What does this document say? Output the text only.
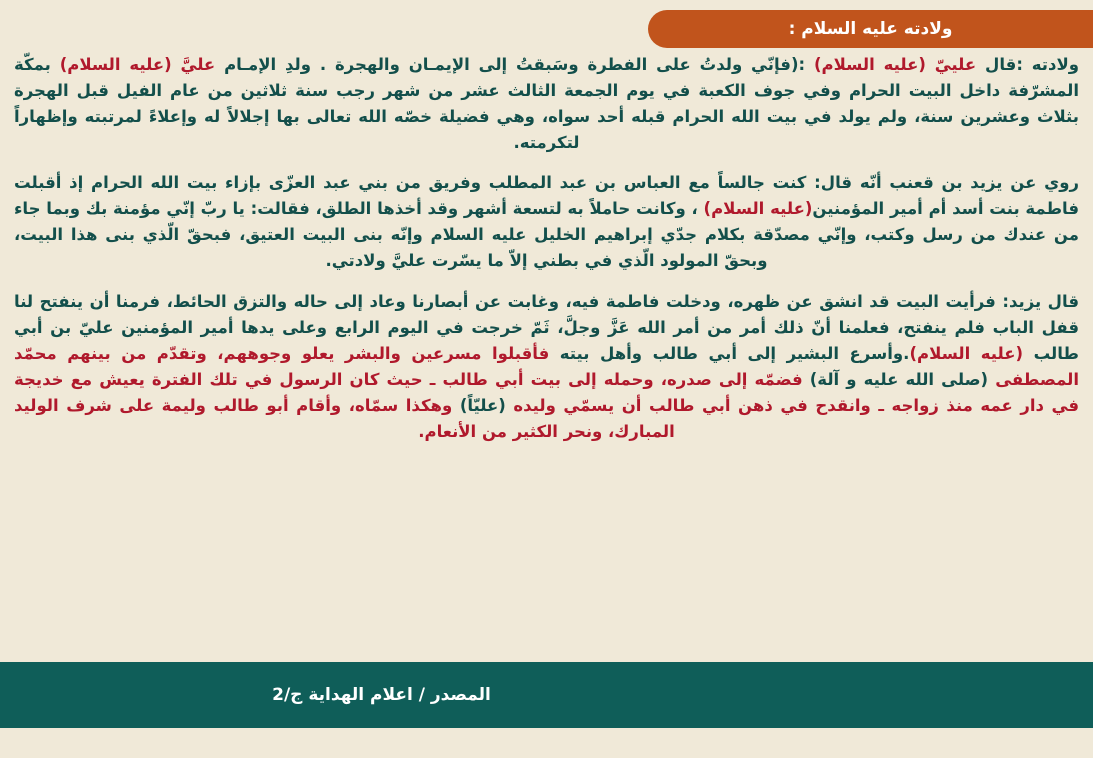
ولادته عليه السلام :

ولادته :قال علييّ (عليه السلام) :(فإنّي ولدتُ على الفطرة وسَبقتُ إلى الإيمـان والهجرة . ولدِ الإمـام عليَّ (عليه السلام) بمكّة المشرّفة داخل البيت الحرام وفي جوف الكعبة في يوم الجمعة الثالث عشر من شهر رجب سنة ثلاثين من عام الفيل قبل الهجرة بثلاث وعشرين سنة، ولم يولد في بيت الله الحرام قبله أحد سواه، وهي فضيلة خصّه الله تعالى بها إجلالاً له وإعلاءً لمرتبته وإظهاراً لتكرمته.

روي عن يزيد بن قعنب أنّه قال: كنت جالساً مع العباس بن عبد المطلب وفريق من بني عبد العزّى بإزاء بيت الله الحرام إذ أقبلت فاطمة بنت أسد أم أمير المؤمنين(عليه السلام) ، وكانت حاملاً به لتسعة أشهر وقد أخذها الطلق، فقالت: يا ربّ إنّي مؤمنة بك وبما جاء من عندك من رسل وكتب، وإنّي مصدّقة بكلام جدّي إبراهيم الخليل عليه السلام وإنّه بنى البيت العتيق، فبحقّ الّذي بنى هذا البيت، وبحقّ المولود الّذي في بطني إلاّ ما يسّرت عليَّ ولادتي.

قال يزيد: فرأيت البيت قد انشق عن ظهره، ودخلت فاطمة فيه، وغابت عن أبصارنا وعاد إلى حاله والتزق الحائط، فرمنا أن ينفتح لنا قفل الباب فلم ينفتح، فعلمنا أنّ ذلك أمر من أمر الله عَزَّ وجلَّ، ثَمّ خرجت في اليوم الرابع وعلى يدها أمير المؤمنين عليّ بن أبي طالب (عليه السلام).وأسرع البشير إلى أبي طالب وأهل بيته فأقبلوا مسرعين والبشر يعلو وجوههم، وتقدّم من بينهم محمّد المصطفى (صلى الله عليه و آلة) فضمّه إلى صدره، وحمله إلى بيت أبي طالب ـ حيث كان الرسول في تلك الفترة يعيش مع خديجة في دار عمه منذ زواجه ـ وانقدح في ذهن أبي طالب أن يسمّي وليده (عليّاً) وهكذا سمّاه، وأقام أبو طالب وليمة على شرف الوليد المبارك، ونحر الكثير من الأنعام.

المصدر / اعلام الهداية ج/2
